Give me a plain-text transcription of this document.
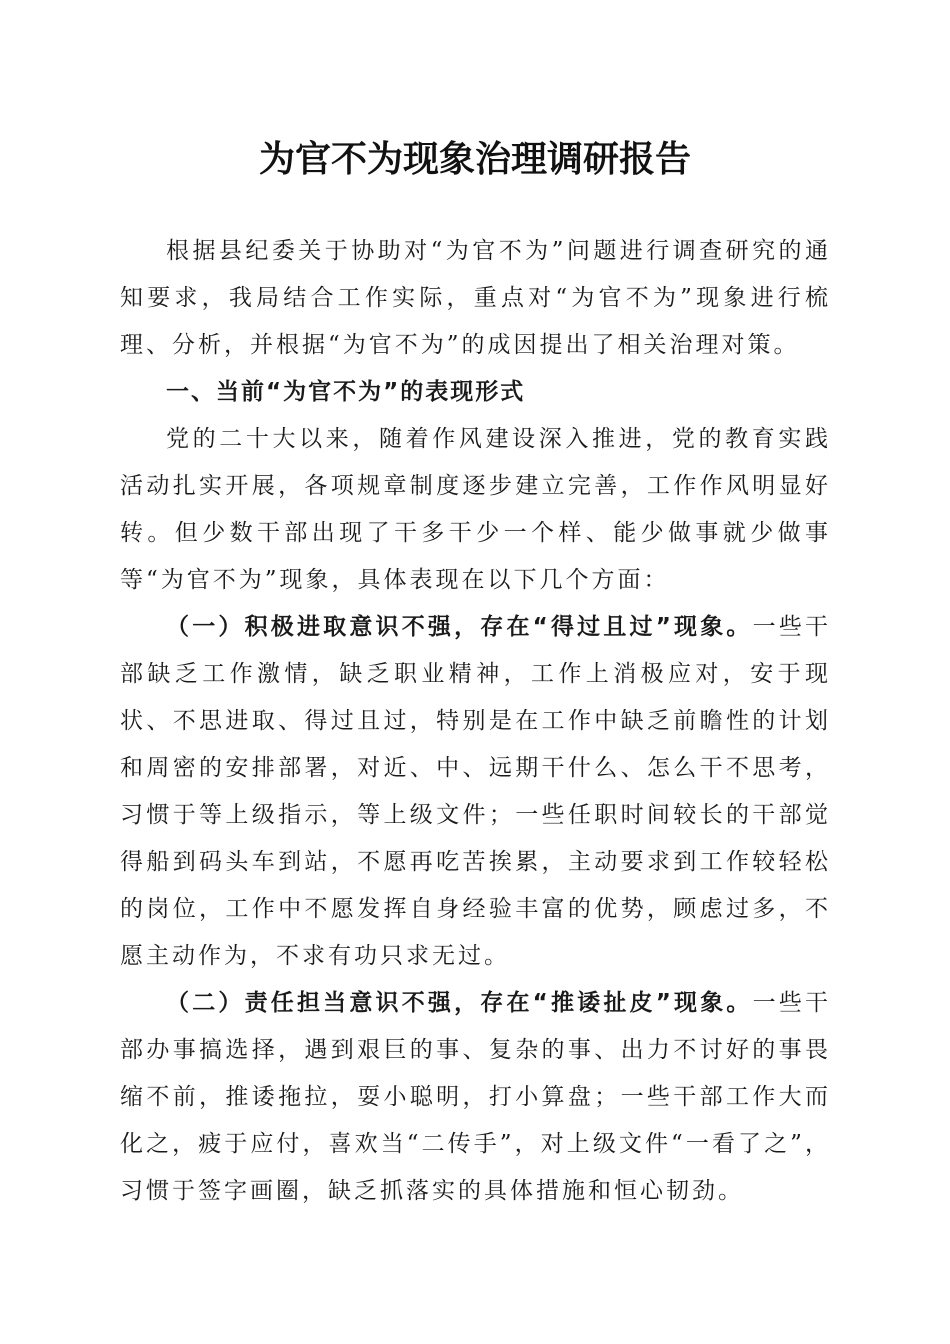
为官不为现象治理调研报告

根据县纪委关于协助对“为官不为”问题进行调查研究的通知要求，我局结合工作实际，重点对“为官不为”现象进行梳理、分析，并根据“为官不为”的成因提出了相关治理对策。

一、当前“为官不为”的表现形式

党的二十大以来，随着作风建设深入推进，党的教育实践活动扎实开展，各项规章制度逐步建立完善，工作作风明显好转。但少数干部出现了干多干少一个样、能少做事就少做事等“为官不为”现象，具体表现在以下几个方面：

（一）积极进取意识不强，存在“得过且过”现象。一些干部缺乏工作激情，缺乏职业精神，工作上消极应对，安于现状、不思进取、得过且过，特别是在工作中缺乏前瞻性的计划和周密的安排部署，对近、中、远期干什么、怎么干不思考，习惯于等上级指示，等上级文件；一些任职时间较长的干部觉得船到码头车到站，不愿再吃苦挨累，主动要求到工作较轻松的岗位，工作中不愿发挥自身经验丰富的优势，顾虑过多，不愿主动作为，不求有功只求无过。

（二）责任担当意识不强，存在“推诿扯皮”现象。一些干部办事搞选择，遇到艰巨的事、复杂的事、出力不讨好的事畏缩不前，推诿拖拉，耍小聪明，打小算盘；一些干部工作大而化之，疲于应付，喜欢当“二传手”，对上级文件“一看了之”，习惯于签字画圈，缺乏抓落实的具体措施和恒心韧劲。
